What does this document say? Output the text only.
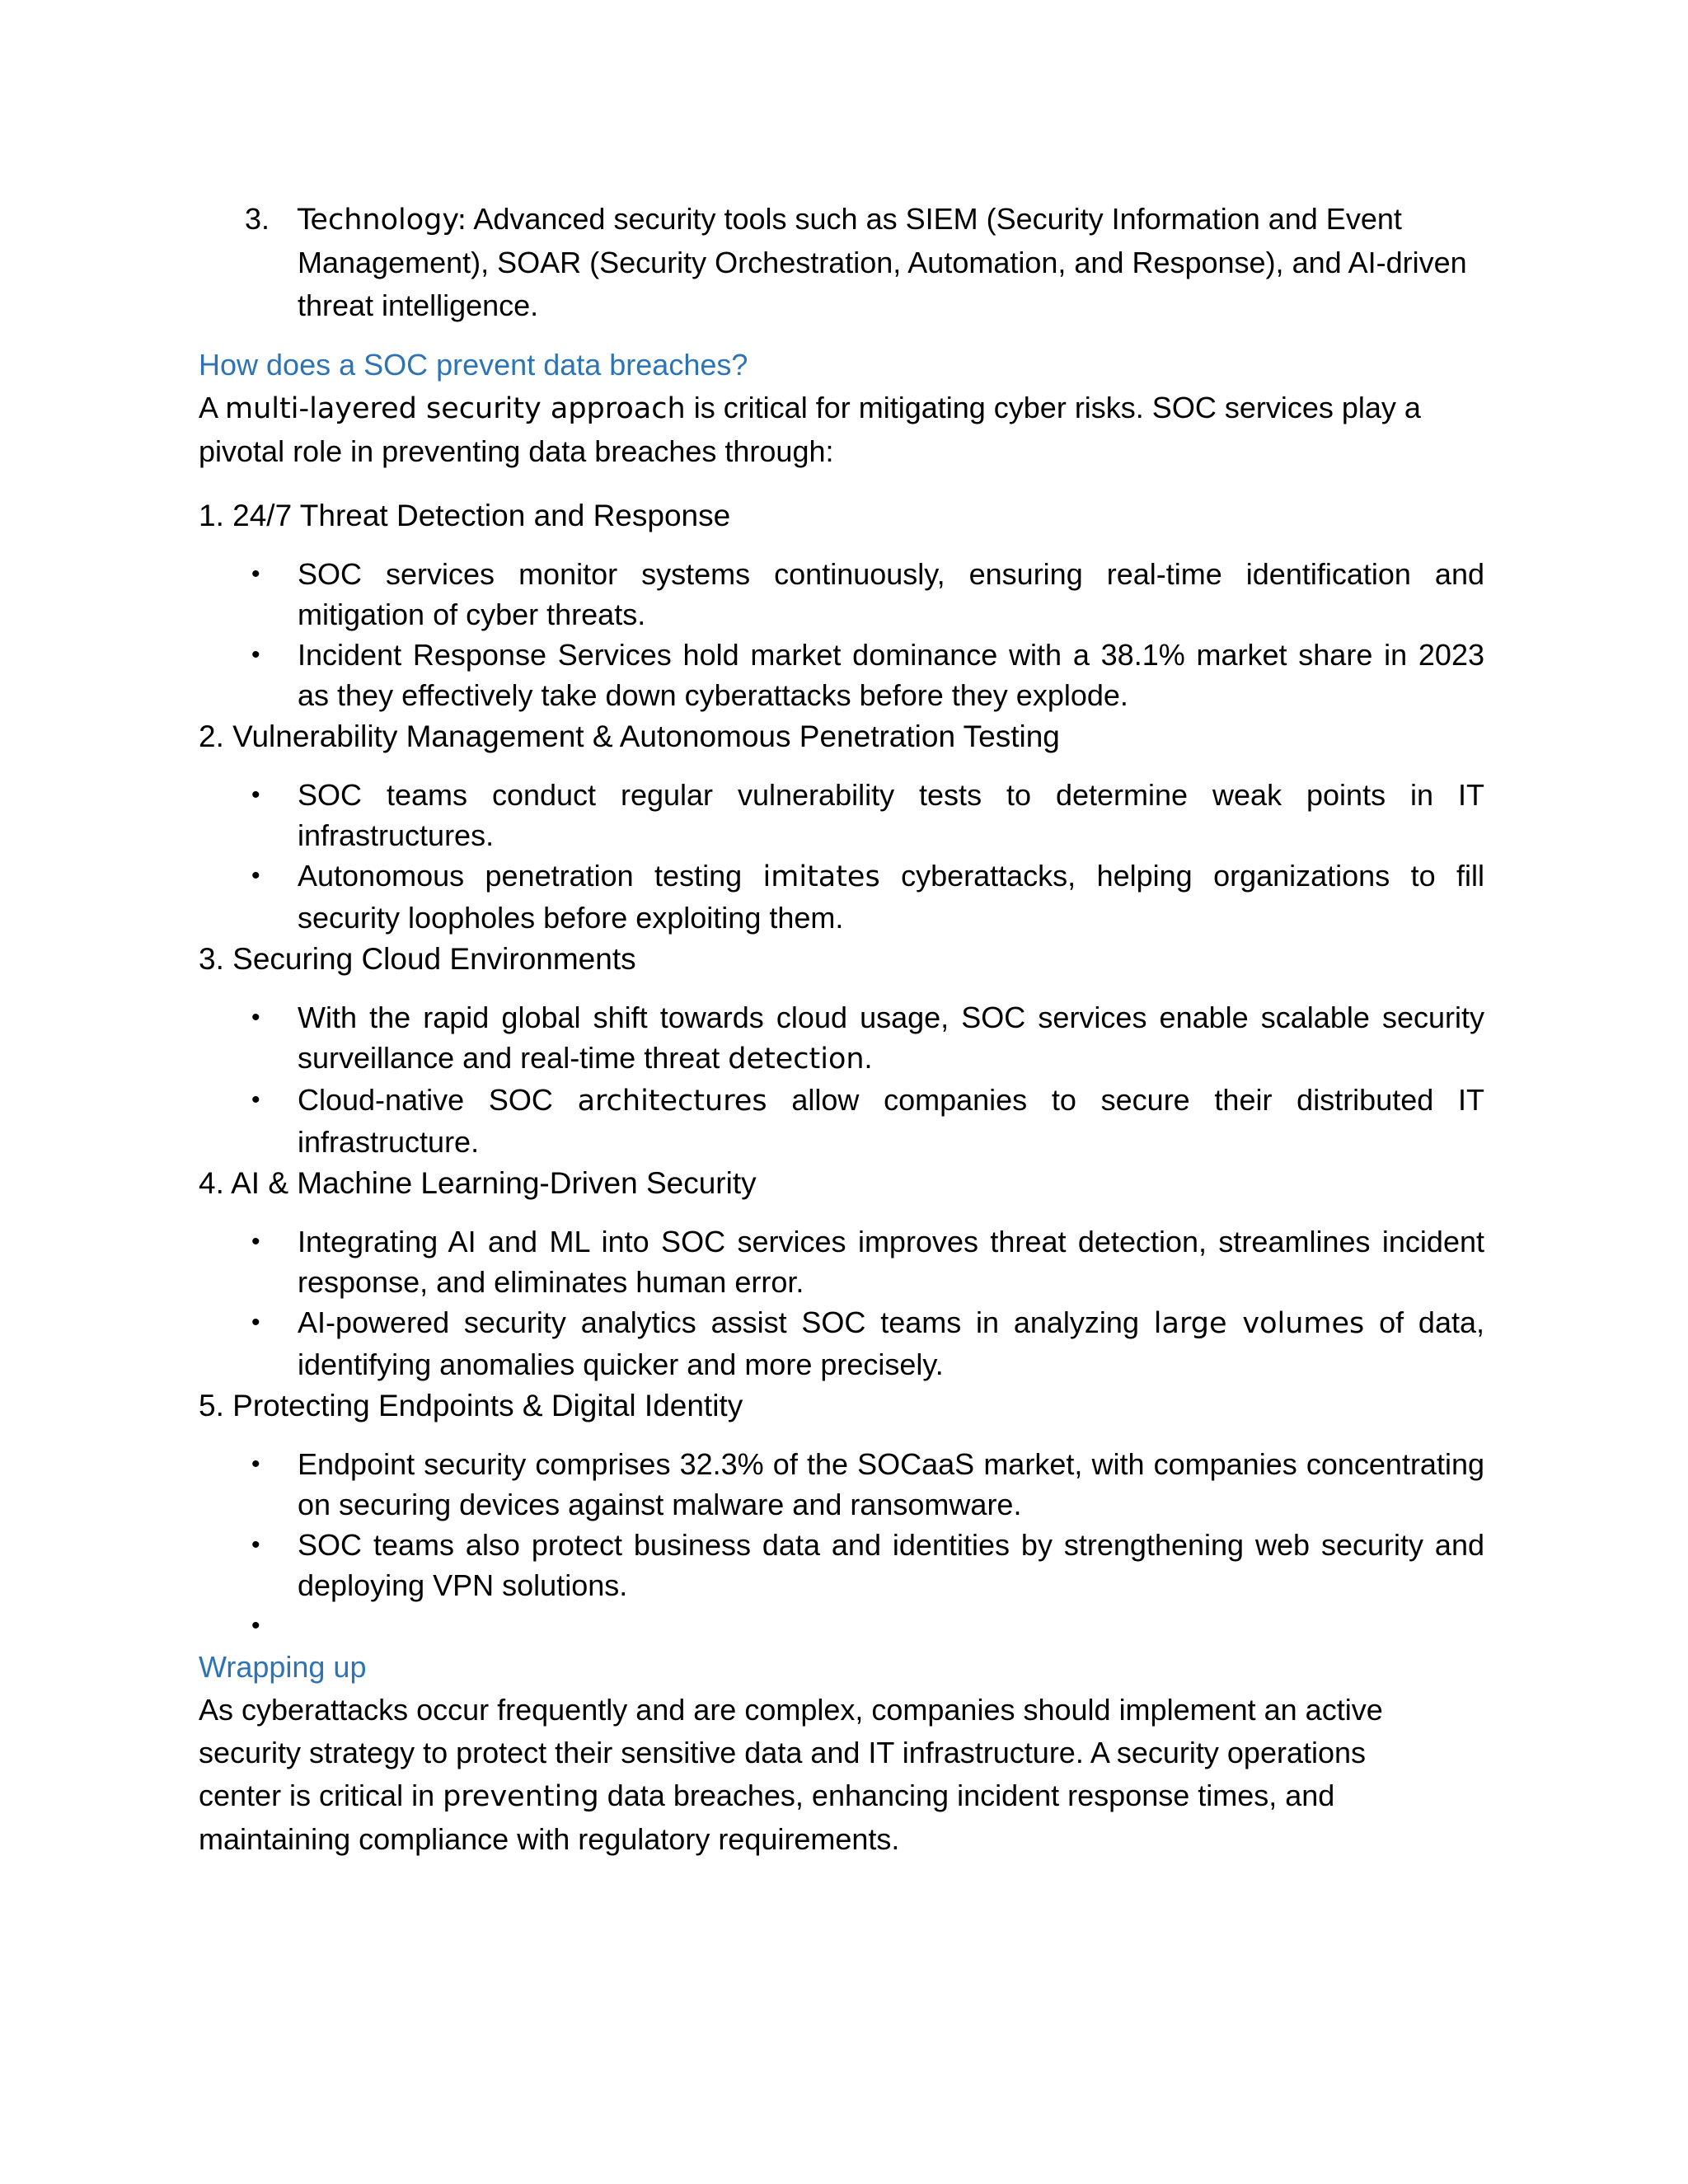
3. Technology: Advanced security tools such as SIEM (Security Information and Event Management), SOAR (Security Orchestration, Automation, and Response), and AI-driven threat intelligence.
How does a SOC prevent data breaches?

A multi-layered security approach is critical for mitigating cyber risks. SOC services play a pivotal role in preventing data breaches through:

1. 24/7 Threat Detection and Response
• SOC services monitor systems continuously, ensuring real-time identification and mitigation of cyber threats.
• Incident Response Services hold market dominance with a 38.1% market share in 2023 as they effectively take down cyberattacks before they explode.
2. Vulnerability Management & Autonomous Penetration Testing
• SOC teams conduct regular vulnerability tests to determine weak points in IT infrastructures.
• Autonomous penetration testing imitates cyberattacks, helping organizations to fill security loopholes before exploiting them.
3. Securing Cloud Environments
• With the rapid global shift towards cloud usage, SOC services enable scalable security surveillance and real-time threat detection.
• Cloud-native SOC architectures allow companies to secure their distributed IT infrastructure.
4. AI & Machine Learning-Driven Security
• Integrating AI and ML into SOC services improves threat detection, streamlines incident response, and eliminates human error.
• AI-powered security analytics assist SOC teams in analyzing large volumes of data, identifying anomalies quicker and more precisely.
5. Protecting Endpoints & Digital Identity
• Endpoint security comprises 32.3% of the SOCaaS market, with companies concentrating on securing devices against malware and ransomware.
• SOC teams also protect business data and identities by strengthening web security and deploying VPN solutions.
•

Wrapping up

As cyberattacks occur frequently and are complex, companies should implement an active security strategy to protect their sensitive data and IT infrastructure. A security operations center is critical in preventing data breaches, enhancing incident response times, and maintaining compliance with regulatory requirements.
